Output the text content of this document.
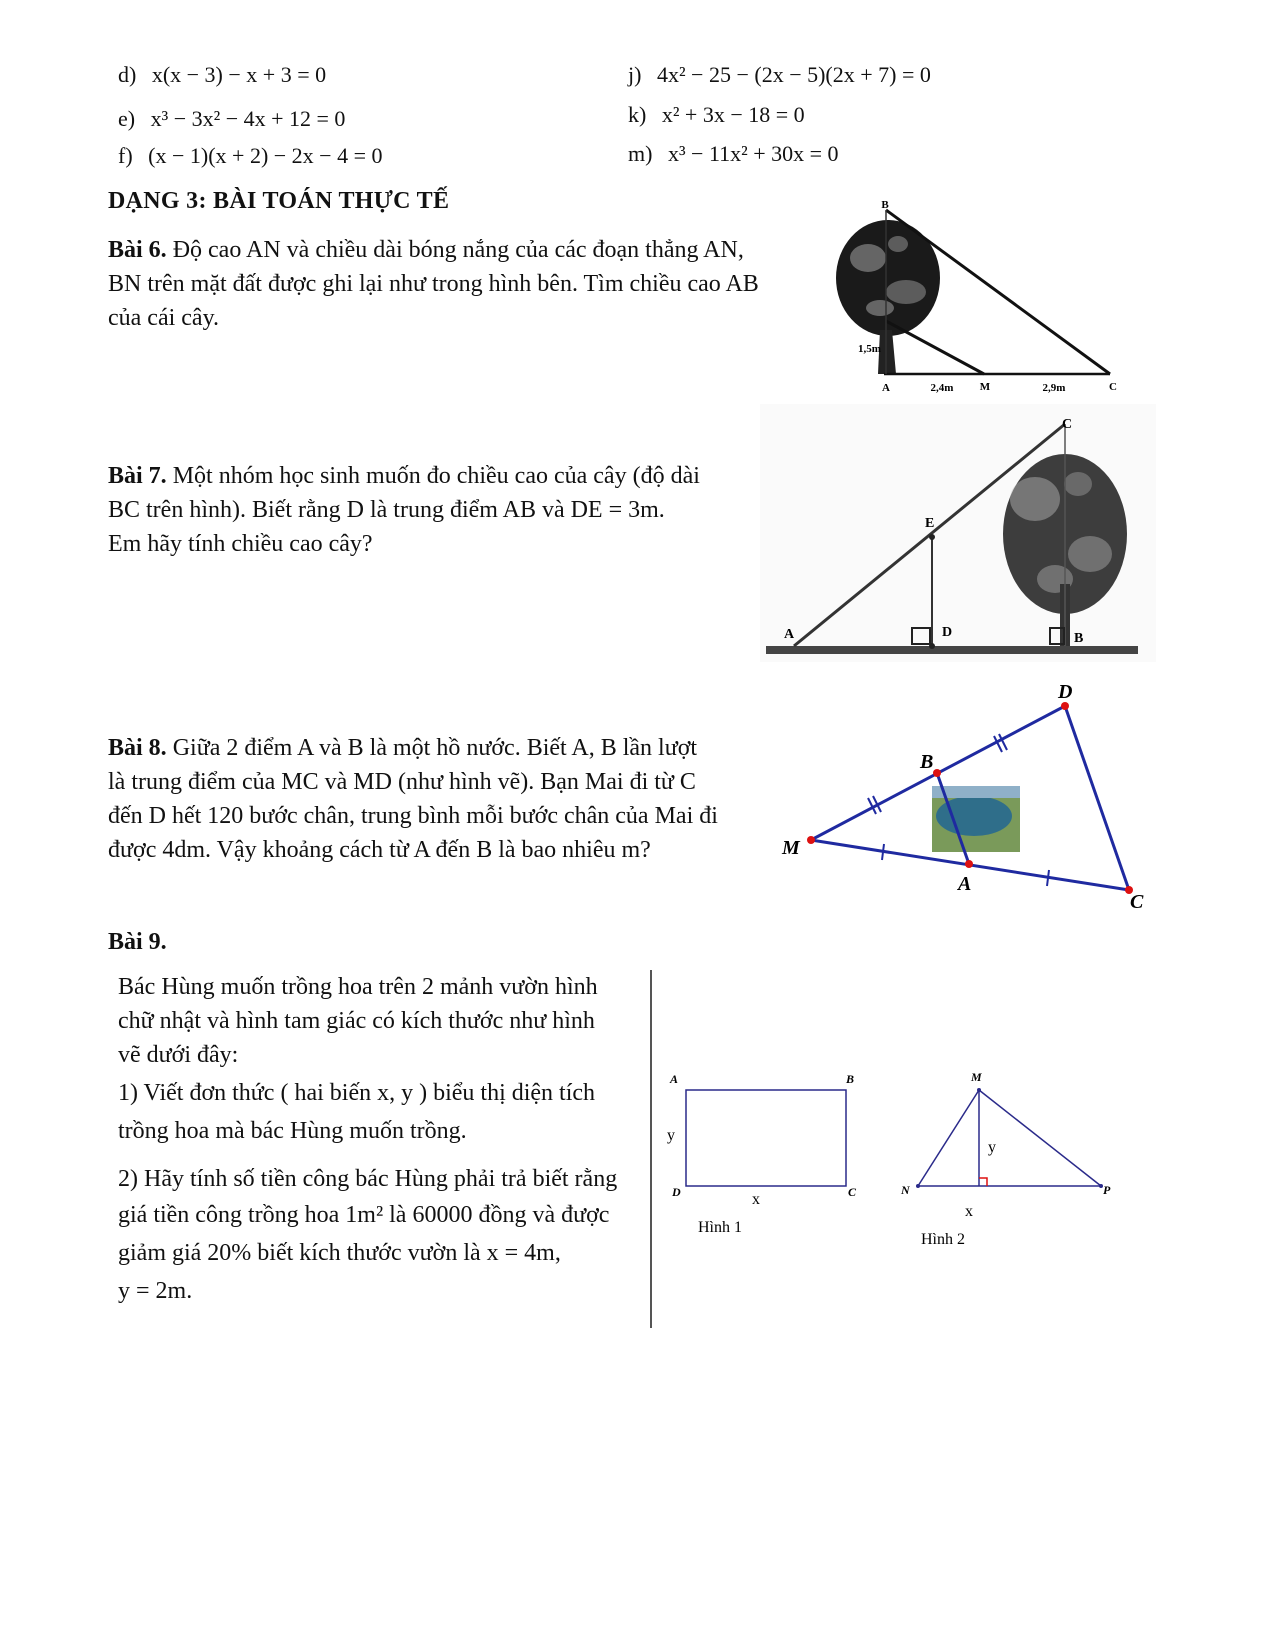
d) x(x − 3) − x + 3 = 0
e) x³ − 3x² − 4x + 12 = 0
f) (x − 1)(x + 2) − 2x − 4 = 0
j) 4x² − 25 − (2x − 5)(2x + 7) = 0
k) x² + 3x − 18 = 0
m) x³ − 11x² + 30x = 0
DẠNG 3: BÀI TOÁN THỰC TẾ
Bài 6. Độ cao AN và chiều dài bóng nắng của các đoạn thẳng AN,
BN trên mặt đất được ghi lại như trong hình bên. Tìm chiều cao AB
của cái cây.
B
1,5m
A	2,4m M	2,9m	C
Bài 7. Một nhóm học sinh muốn đo chiều cao của cây (độ dài
BC trên hình). Biết rằng D là trung điểm AB và DE = 3m.
Em hãy tính chiều cao cây?
C
E
D
A	B
Bài 8. Giữa 2 điểm A và B là một hồ nước. Biết A, B lần lượt
là trung điểm của MC và MD (như hình vẽ). Bạn Mai đi từ C
đến D hết 120 bước chân, trung bình mỗi bước chân của Mai đi
được 4dm. Vậy khoảng cách từ A đến B là bao nhiêu m?
D
B
M
A
C
Bài 9.
Bác Hùng muốn trồng hoa trên 2 mảnh vườn hình
chữ nhật và hình tam giác có kích thước như hình
vẽ dưới đây:
1) Viết đơn thức ( hai biến x, y ) biểu thị diện tích
trồng hoa mà bác Hùng muốn trồng.
2) Hãy tính số tiền công bác Hùng phải trả biết rằng
giá tiền công trồng hoa 1m² là 60000 đồng và được
giảm giá 20% biết kích thước vườn là x = 4m,
y = 2m.
A	B
D	C
y
x
Hình 1
M
N	P
y
x
Hình 2
